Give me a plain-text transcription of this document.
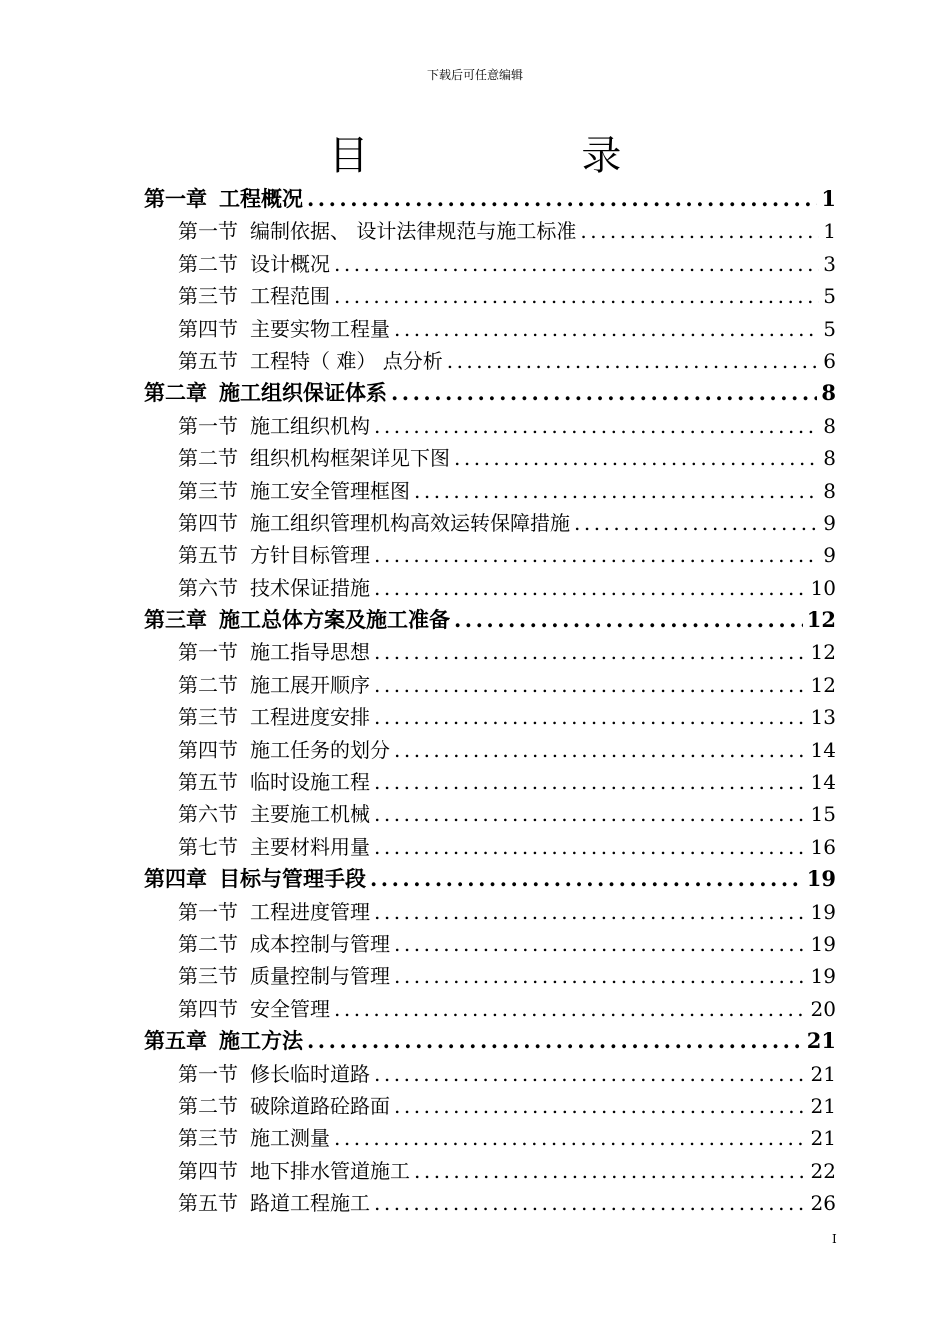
下载后可任意编辑
目 录
第一章 工程概况 .....	1
第一节 编制依据、 设计法律规范与施工标准 .....	1
第二节 设计概况 .....	3
第三节 工程范围 .....	5
第四节 主要实物工程量 .....	5
第五节 工程特（ 难） 点分析 .....	6
第二章 施工组织保证体系 .....	8
第一节 施工组织机构 .....	8
第二节 组织机构框架详见下图 .....	8
第三节 施工安全管理框图 .....	8
第四节 施工组织管理机构高效运转保障措施 .....	9
第五节 方针目标管理 .....	9
第六节 技术保证措施 .....	10
第三章 施工总体方案及施工准备 .....	12
第一节 施工指导思想 .....	12
第二节 施工展开顺序 .....	12
第三节 工程进度安排 .....	13
第四节 施工任务的划分 .....	14
第五节 临时设施工程 .....	14
第六节 主要施工机械 .....	15
第七节 主要材料用量 .....	16
第四章 目标与管理手段 .....	19
第一节 工程进度管理 .....	19
第二节 成本控制与管理 .....	19
第三节 质量控制与管理 .....	19
第四节 安全管理 .....	20
第五章 施工方法 .....	21
第一节 修长临时道路 .....	21
第二节 破除道路砼路面 .....	21
第三节 施工测量 .....	21
第四节 地下排水管道施工 .....	22
第五节 路道工程施工 .....	26
I
